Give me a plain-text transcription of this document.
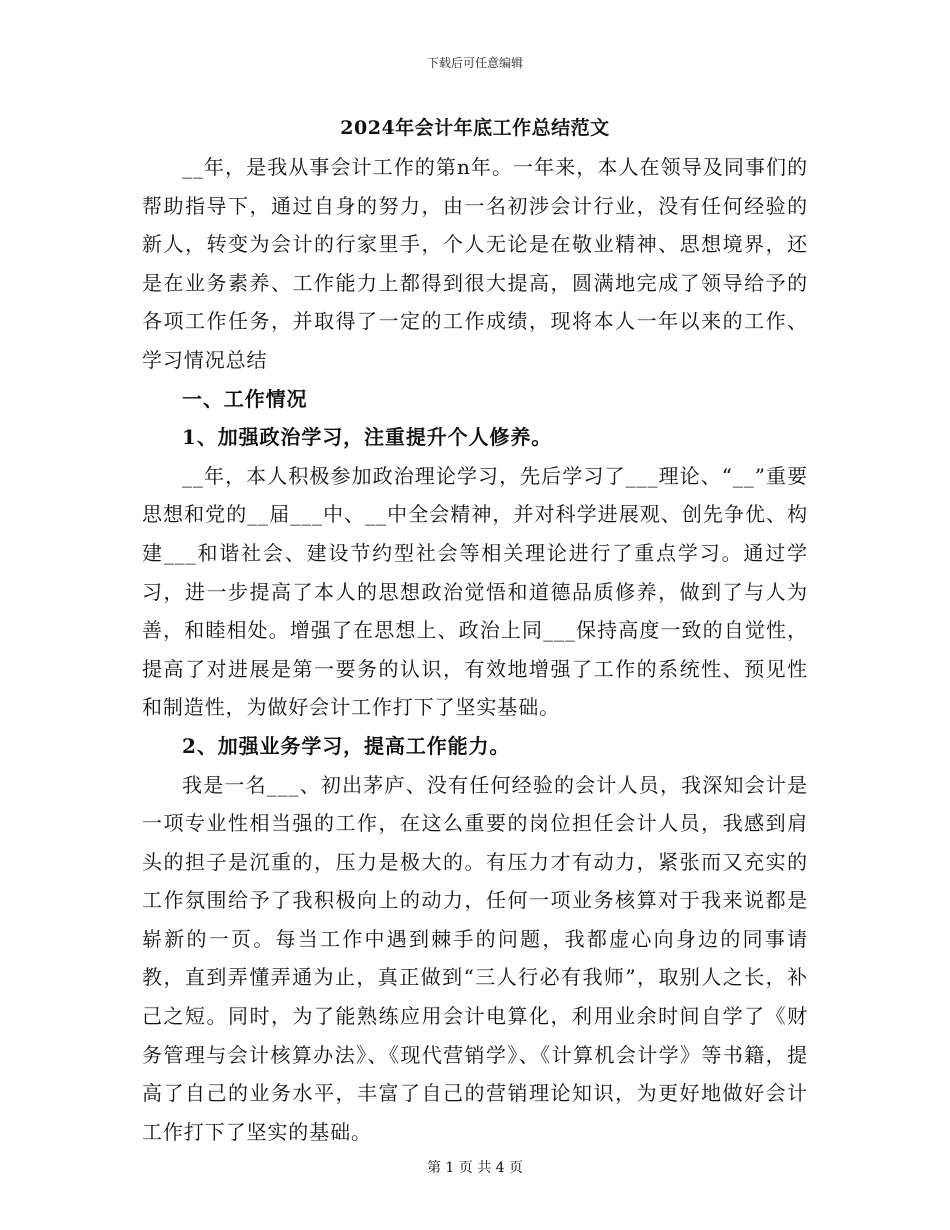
下载后可任意编辑
2024年会计年底工作总结范文

__年，是我从事会计工作的第n年。一年来，本人在领导及同事们的帮助指导下，通过自身的努力，由一名初涉会计行业，没有任何经验的新人，转变为会计的行家里手，个人无论是在敬业精神、思想境界，还是在业务素养、工作能力上都得到很大提高，圆满地完成了领导给予的各项工作任务，并取得了一定的工作成绩，现将本人一年以来的工作、学习情况总结

一、工作情况

1、加强政治学习，注重提升个人修养。

__年，本人积极参加政治理论学习，先后学习了___理论、“__”重要思想和党的__届___中、__中全会精神，并对科学进展观、创先争优、构建___和谐社会、建设节约型社会等相关理论进行了重点学习。通过学习，进一步提高了本人的思想政治觉悟和道德品质修养，做到了与人为善，和睦相处。增强了在思想上、政治上同___保持高度一致的自觉性，提高了对进展是第一要务的认识，有效地增强了工作的系统性、预见性和制造性，为做好会计工作打下了坚实基础。

2、加强业务学习，提高工作能力。

我是一名___、初出茅庐、没有任何经验的会计人员，我深知会计是一项专业性相当强的工作，在这么重要的岗位担任会计人员，我感到肩头的担子是沉重的，压力是极大的。有压力才有动力，紧张而又充实的工作氛围给予了我积极向上的动力，任何一项业务核算对于我来说都是崭新的一页。每当工作中遇到棘手的问题，我都虚心向身边的同事请教，直到弄懂弄通为止，真正做到“三人行必有我师”，取别人之长，补己之短。同时，为了能熟练应用会计电算化，利用业余时间自学了《财务管理与会计核算办法》、《现代营销学》、《计算机会计学》等书籍，提高了自己的业务水平，丰富了自己的营销理论知识，为更好地做好会计工作打下了坚实的基础。

第 1 页 共 4 页
